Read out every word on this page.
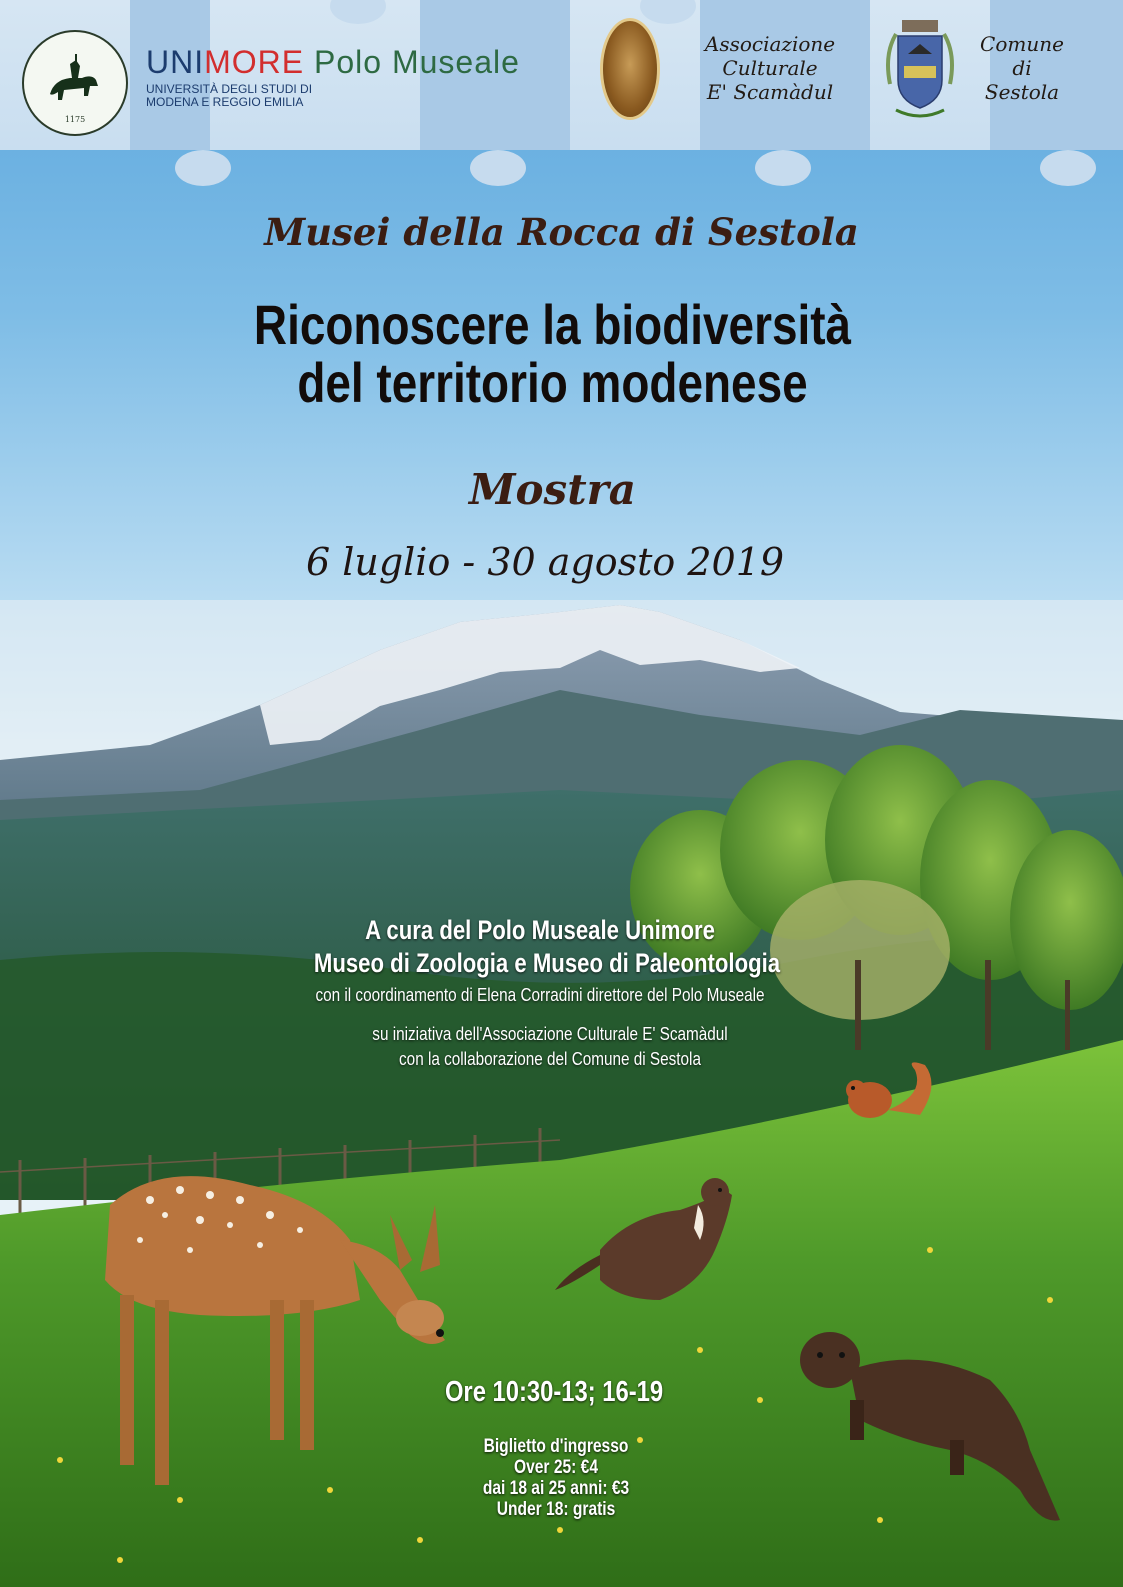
1175
UNIMORE Polo Museale
UNIVERSITÀ DEGLI STUDI DI
MODENA E REGGIO EMILIA
Associazione
Culturale
E' Scamàdul
Comune
di
Sestola
Musei della Rocca di Sestola
Riconoscere la biodiversità
del territorio modenese
Mostra
6 luglio - 30 agosto 2019
A cura del Polo Museale Unimore
Museo di Zoologia e Museo di Paleontologia
con il coordinamento di Elena Corradini direttore del Polo Museale
su iniziativa dell'Associazione Culturale E' Scamàdul
con la collaborazione del Comune di Sestola
Ore 10:30-13; 16-19
Biglietto d'ingresso
Over 25: €4
dai 18 ai 25 anni: €3
Under 18: gratis
